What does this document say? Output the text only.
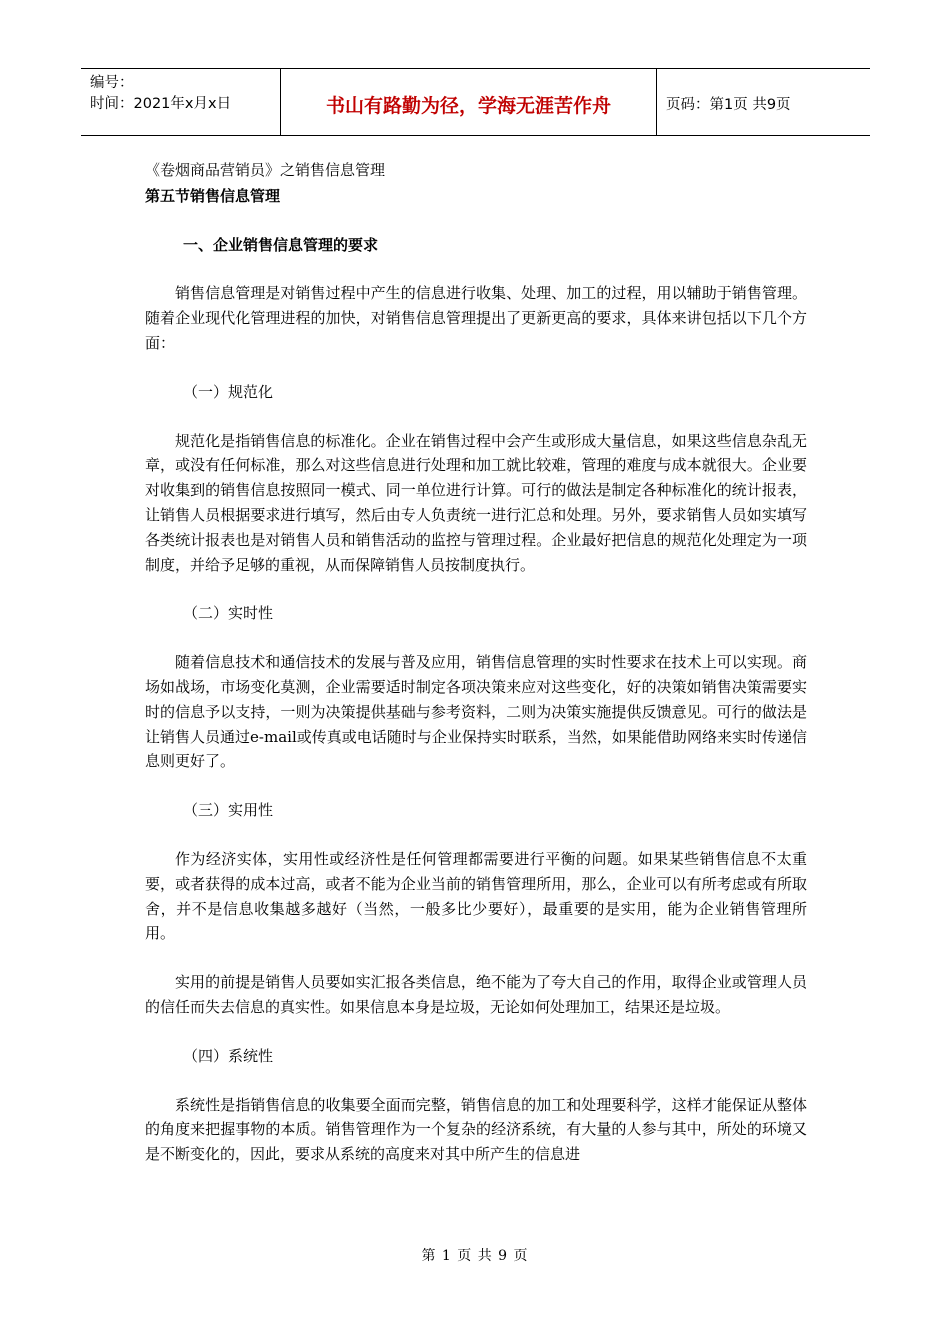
编号：
时间：2021年x月x日	书山有路勤为径，学海无涯苦作舟	页码：第1页 共9页

《卷烟商品营销员》之销售信息管理

第五节销售信息管理

一、企业销售信息管理的要求

销售信息管理是对销售过程中产生的信息进行收集、处理、加工的过程，用以辅助于销售管理。随着企业现代化管理进程的加快，对销售信息管理提出了更新更高的要求，具体来讲包括以下几个方面：

（一）规范化

规范化是指销售信息的标准化。企业在销售过程中会产生或形成大量信息，如果这些信息杂乱无章，或没有任何标准，那么对这些信息进行处理和加工就比较难，管理的难度与成本就很大。企业要对收集到的销售信息按照同一模式、同一单位进行计算。可行的做法是制定各种标准化的统计报表，让销售人员根据要求进行填写，然后由专人负责统一进行汇总和处理。另外，要求销售人员如实填写各类统计报表也是对销售人员和销售活动的监控与管理过程。企业最好把信息的规范化处理定为一项制度，并给予足够的重视，从而保障销售人员按制度执行。

（二）实时性

随着信息技术和通信技术的发展与普及应用，销售信息管理的实时性要求在技术上可以实现。商场如战场，市场变化莫测，企业需要适时制定各项决策来应对这些变化，好的决策如销售决策需要实时的信息予以支持，一则为决策提供基础与参考资料，二则为决策实施提供反馈意见。可行的做法是让销售人员通过e-mail或传真或电话随时与企业保持实时联系，当然，如果能借助网络来实时传递信息则更好了。

（三）实用性

作为经济实体，实用性或经济性是任何管理都需要进行平衡的问题。如果某些销售信息不太重要，或者获得的成本过高，或者不能为企业当前的销售管理所用，那么，企业可以有所考虑或有所取舍，并不是信息收集越多越好（当然，一般多比少要好），最重要的是实用，能为企业销售管理所用。

实用的前提是销售人员要如实汇报各类信息，绝不能为了夸大自己的作用，取得企业或管理人员的信任而失去信息的真实性。如果信息本身是垃圾，无论如何处理加工，结果还是垃圾。

（四）系统性

系统性是指销售信息的收集要全面而完整，销售信息的加工和处理要科学，这样才能保证从整体的角度来把握事物的本质。销售管理作为一个复杂的经济系统，有大量的人参与其中，所处的环境又是不断变化的，因此，要求从系统的高度来对其中所产生的信息进

第 1 页 共 9 页
